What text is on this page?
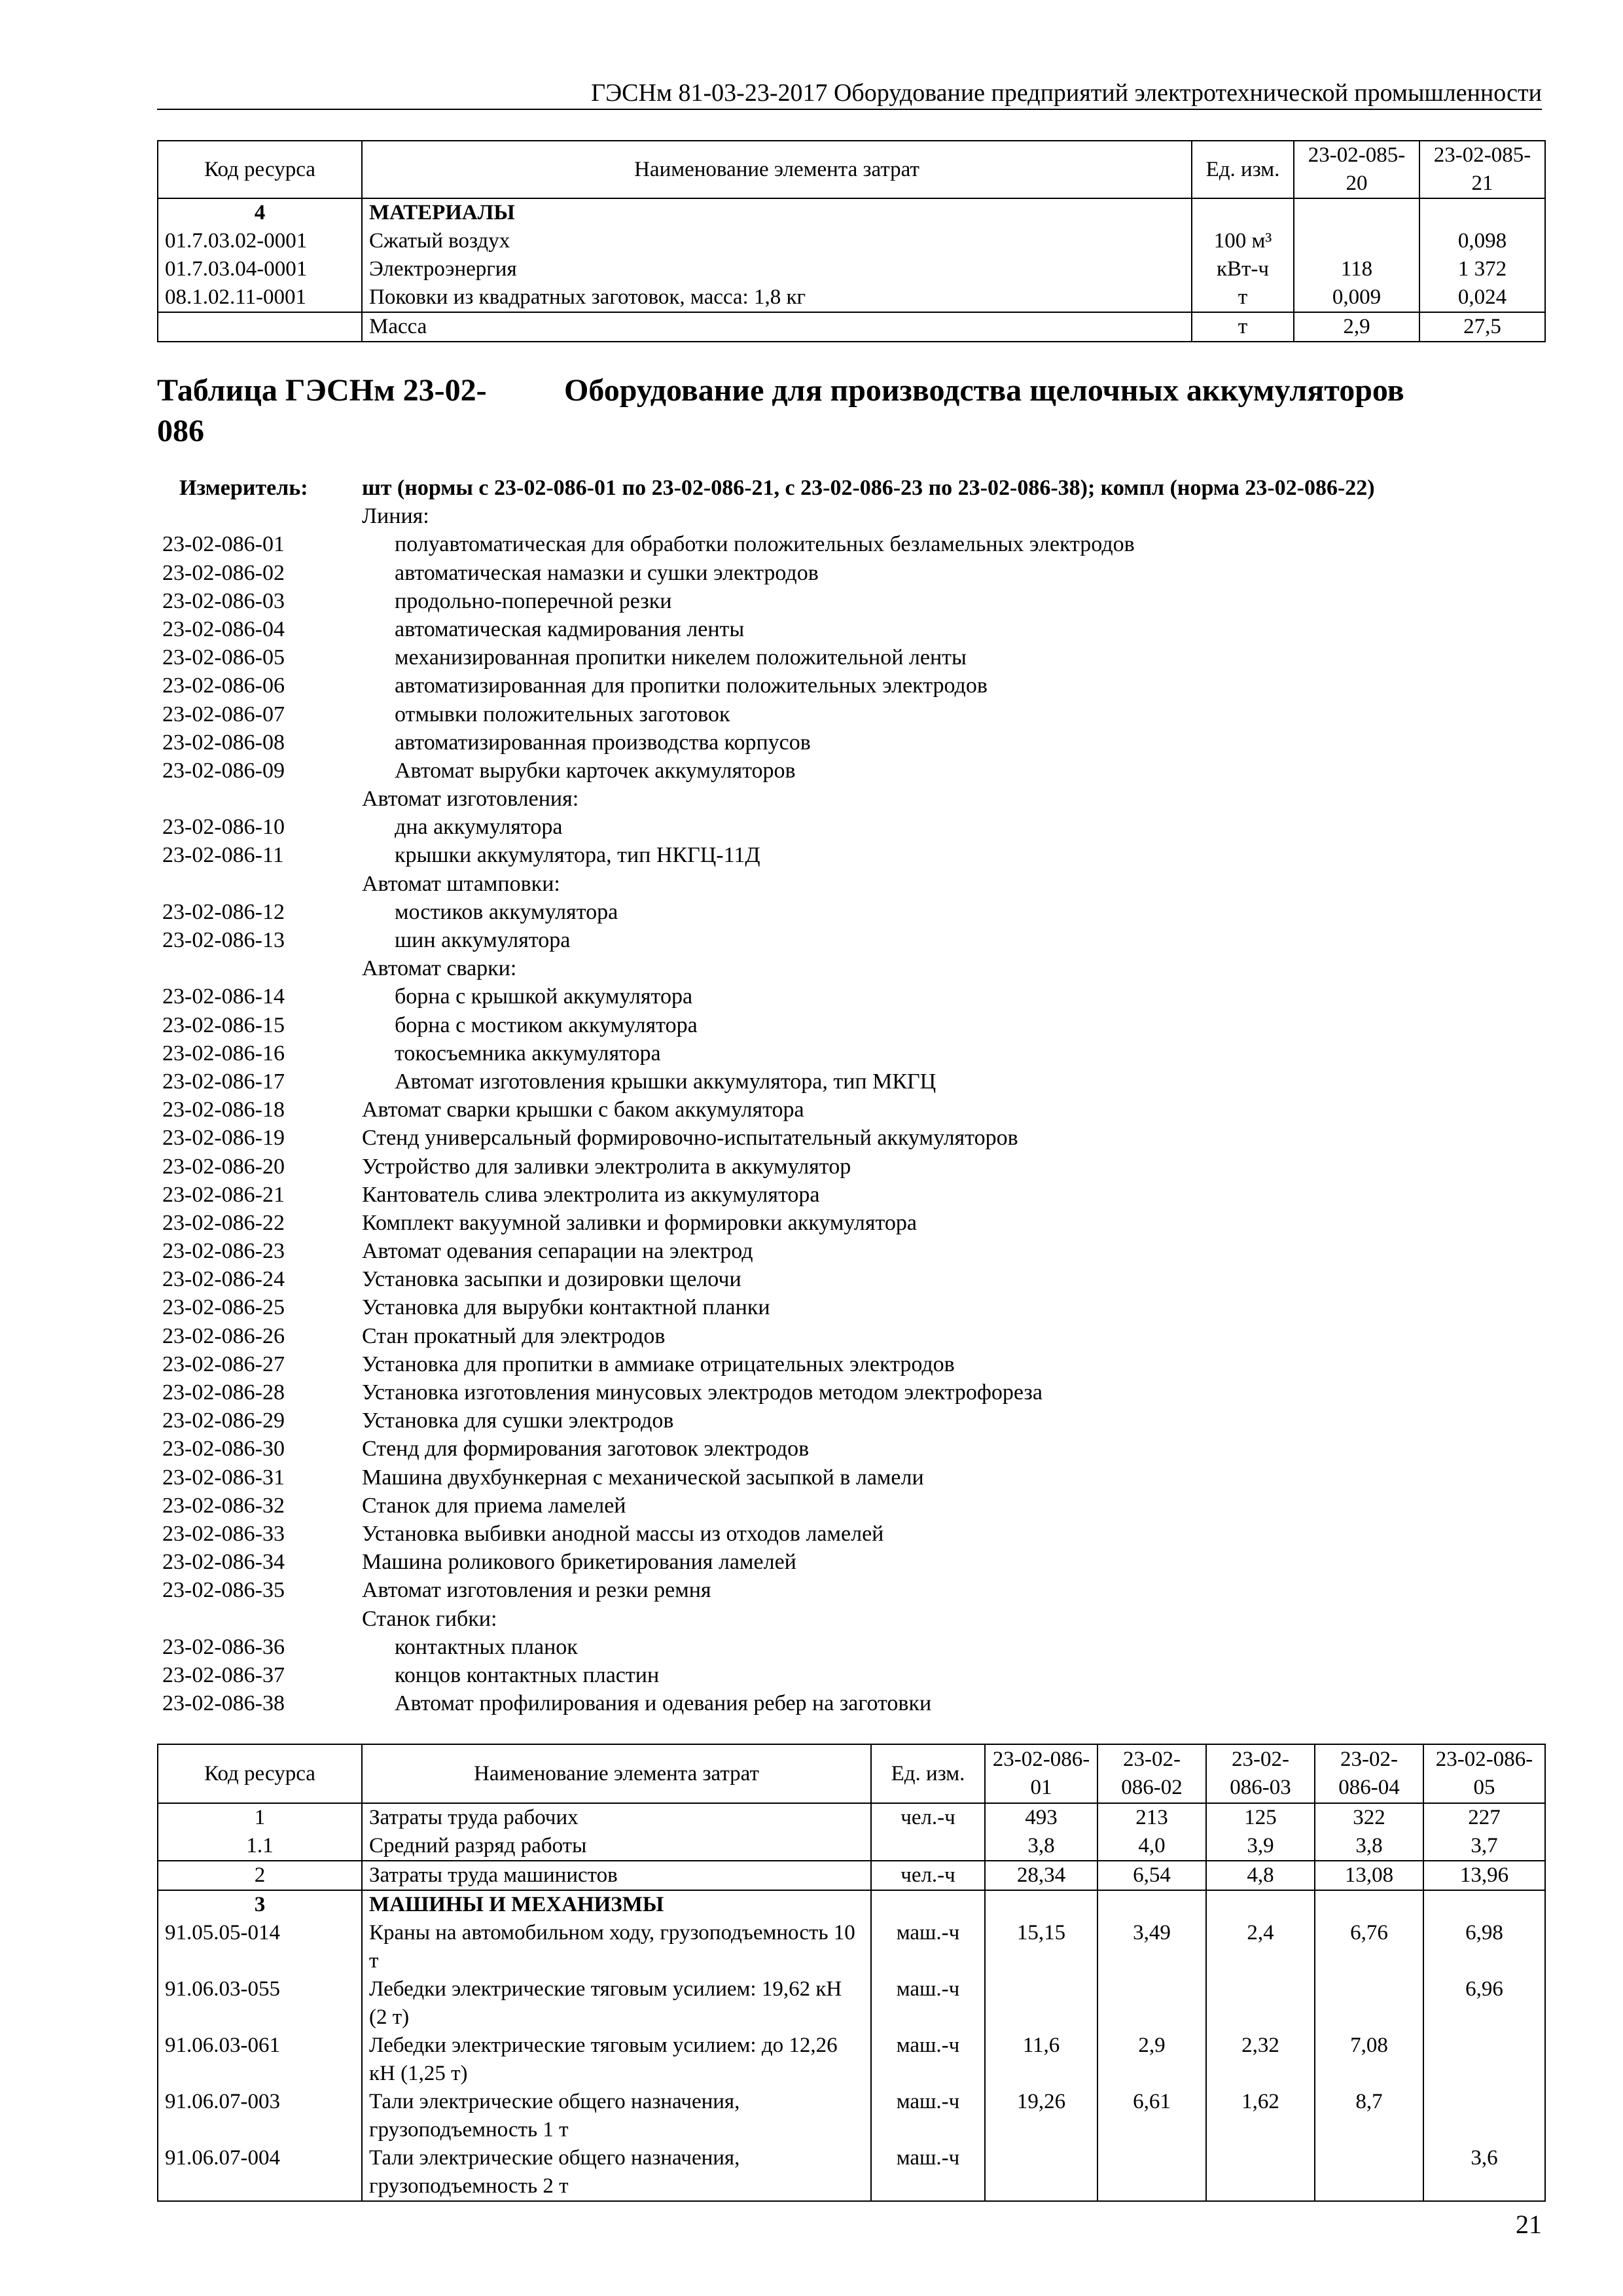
ГЭСНм 81-03-23-2017 Оборудование предприятий электротехнической промышленности
Код ресурса	Наименование элемента затрат	Ед. изм.	23-02-085-20	23-02-085-21
4	МАТЕРИАЛЫ			
01.7.03.02-0001	Сжатый воздух	100 м³		0,098
01.7.03.04-0001	Электроэнергия	кВт-ч	118	1 372
08.1.02.11-0001	Поковки из квадратных заготовок, масса: 1,8 кг	т	0,009	0,024
	Масса	т	2,9	27,5
Таблица ГЭСНм 23-02-086
Оборудование для производства щелочных аккумуляторов
Измеритель: шт (нормы с 23-02-086-01 по 23-02-086-21, с 23-02-086-23 по 23-02-086-38); компл (норма 23-02-086-22)
Линия:
23-02-086-01	полуавтоматическая для обработки положительных безламельных электродов
23-02-086-02	автоматическая намазки и сушки электродов
23-02-086-03	продольно-поперечной резки
23-02-086-04	автоматическая кадмирования ленты
23-02-086-05	механизированная пропитки никелем положительной ленты
23-02-086-06	автоматизированная для пропитки положительных электродов
23-02-086-07	отмывки положительных заготовок
23-02-086-08	автоматизированная производства корпусов
23-02-086-09	Автомат вырубки карточек аккумуляторов
Автомат изготовления:
23-02-086-10	дна аккумулятора
23-02-086-11	крышки аккумулятора, тип НКГЦ-11Д
Автомат штамповки:
23-02-086-12	мостиков аккумулятора
23-02-086-13	шин аккумулятора
Автомат сварки:
23-02-086-14	борна с крышкой аккумулятора
23-02-086-15	борна с мостиком аккумулятора
23-02-086-16	токосъемника аккумулятора
23-02-086-17	Автомат изготовления крышки аккумулятора, тип МКГЦ
23-02-086-18	Автомат сварки крышки с баком аккумулятора
23-02-086-19	Стенд универсальный формировочно-испытательный аккумуляторов
23-02-086-20	Устройство для заливки электролита в аккумулятор
23-02-086-21	Кантователь слива электролита из аккумулятора
23-02-086-22	Комплект вакуумной заливки и формировки аккумулятора
23-02-086-23	Автомат одевания сепарации на электрод
23-02-086-24	Установка засыпки и дозировки щелочи
23-02-086-25	Установка для вырубки контактной планки
23-02-086-26	Стан прокатный для электродов
23-02-086-27	Установка для пропитки в аммиаке отрицательных электродов
23-02-086-28	Установка изготовления минусовых электродов методом электрофореза
23-02-086-29	Установка для сушки электродов
23-02-086-30	Стенд для формирования заготовок электродов
23-02-086-31	Машина двухбункерная с механической засыпкой в ламели
23-02-086-32	Станок для приема ламелей
23-02-086-33	Установка выбивки анодной массы из отходов ламелей
23-02-086-34	Машина роликового брикетирования ламелей
23-02-086-35	Автомат изготовления и резки ремня
Станок гибки:
23-02-086-36	контактных планок
23-02-086-37	концов контактных пластин
23-02-086-38	Автомат профилирования и одевания ребер на заготовки
Код ресурса	Наименование элемента затрат	Ед. изм.	23-02-086-01	23-02-086-02	23-02-086-03	23-02-086-04	23-02-086-05
1	Затраты труда рабочих	чел.-ч	493	213	125	322	227
1.1	Средний разряд работы		3,8	4,0	3,9	3,8	3,7
2	Затраты труда машинистов	чел.-ч	28,34	6,54	4,8	13,08	13,96
3	МАШИНЫ И МЕХАНИЗМЫ						
91.05.05-014	Краны на автомобильном ходу, грузоподъемность 10 т	маш.-ч	15,15	3,49	2,4	6,76	6,98
91.06.03-055	Лебедки электрические тяговым усилием: 19,62 кН (2 т)	маш.-ч					6,96
91.06.03-061	Лебедки электрические тяговым усилием: до 12,26 кН (1,25 т)	маш.-ч	11,6	2,9	2,32	7,08	
91.06.07-003	Тали электрические общего назначения, грузоподъемность 1 т	маш.-ч	19,26	6,61	1,62	8,7	
91.06.07-004	Тали электрические общего назначения, грузоподъемность 2 т	маш.-ч					3,6
21
